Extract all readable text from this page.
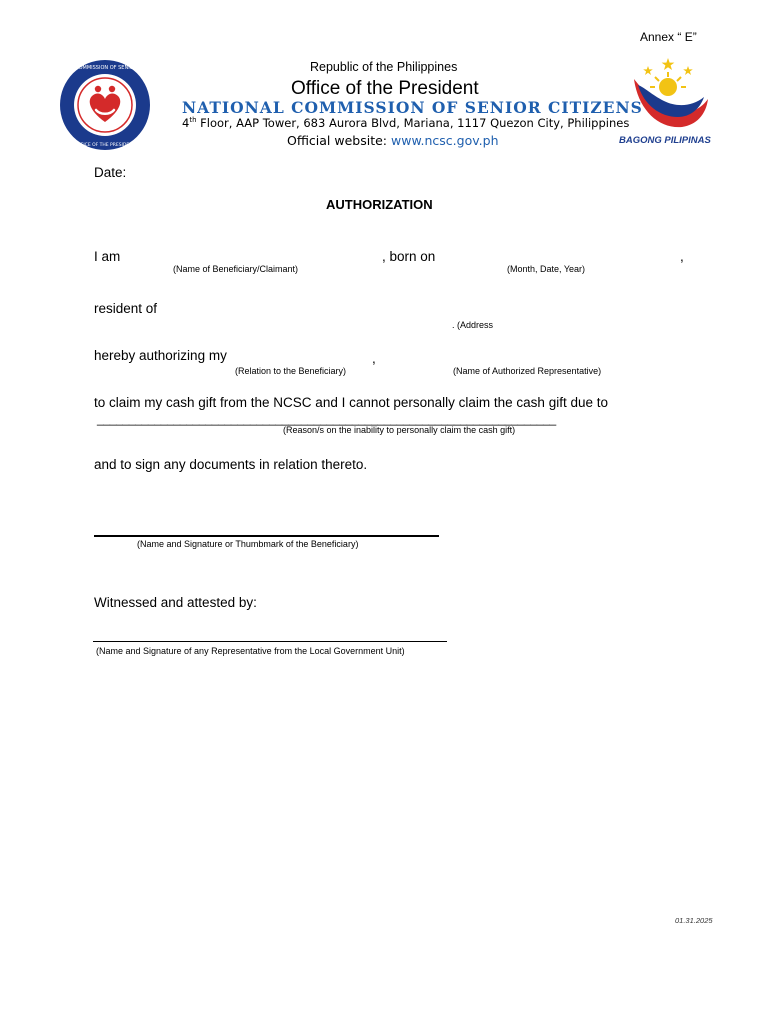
Annex “ E”
NATIONAL COMMISSION OF SENIOR CITIZENS
OFFICE OF THE PRESIDENT
Republic of the Philippines
Office of the President
NATIONAL COMMISSION OF SENIOR CITIZENS
4th Floor, AAP Tower, 683 Aurora Blvd, Mariana, 1117 Quezon City, Philippines
Official website: www.ncsc.gov.ph	BAGONG PILIPINAS
Date:
AUTHORIZATION
I am	, born on	,
(Name of Beneficiary/Claimant)	(Month, Date, Year)
resident of
. (Address
hereby authorizing my	,
(Relation to the Beneficiary)	(Name of Authorized Representative)
to claim my cash gift from the NCSC and I cannot personally claim the cash gift due to
________________________________________________________________________
(Reason/s on the inability to personally claim the cash gift)
and to sign any documents in relation thereto.
(Name and Signature or Thumbmark of the Beneficiary)
Witnessed and attested by:
(Name and Signature of any Representative from the Local Government Unit)
01.31.2025
